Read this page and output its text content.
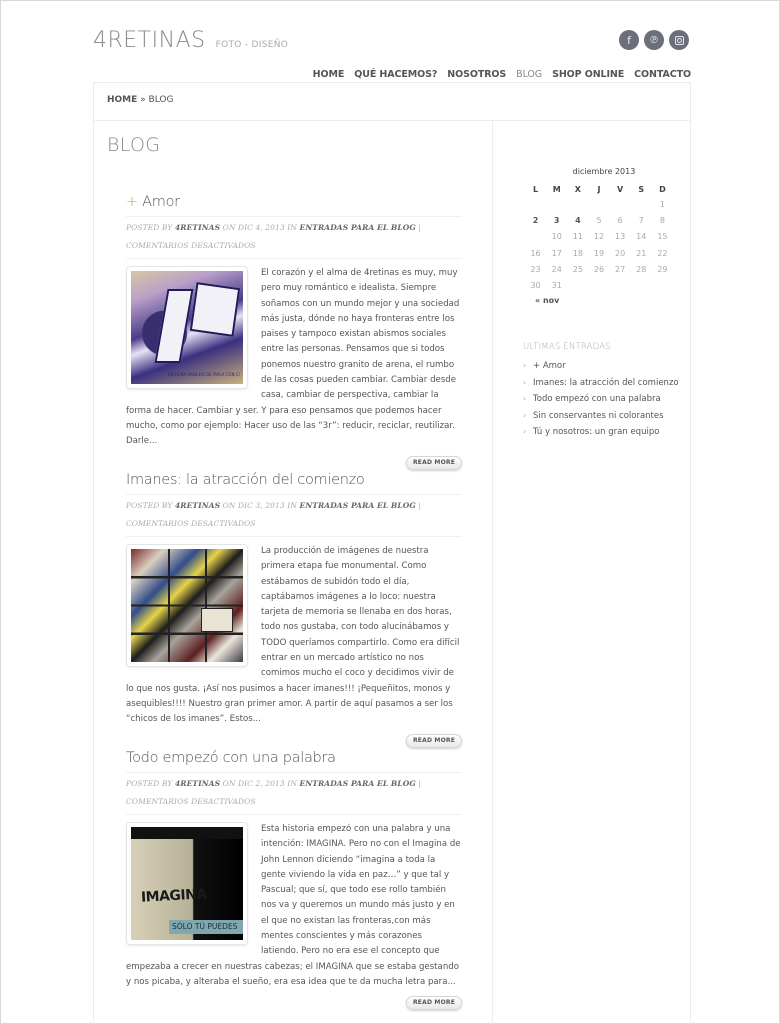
4RETINAS FOTO - DISEÑO	f ℗
HOME QUÉ HACEMOS? NOSOTROS BLOG SHOP ONLINE CONTACTO
HOME » BLOG
BLOG
+ Amor
POSTED BY 4RETINAS ON DIC 4, 2013 IN ENTRADAS PARA EL BLOG | COMENTARIOS DESACTIVADOS
ESQUINA SANCHO DE ÁVILA CON C/

El corazón y el alma de 4retinas es muy, muy pero muy romántico e idealista. Siempre soñamos con un mundo mejor y una sociedad más justa, dónde no haya fronteras entre los paises y tampoco existan abismos sociales entre las personas. Pensamos que si todos ponemos nuestro granito de arena, el rumbo de las cosas pueden cambiar. Cambiar desde casa, cambiar de perspectiva, cambiar la forma de hacer. Cambiar y ser. Y para eso pensamos que podemos hacer mucho, como por ejemplo: Hacer uso de las “3r”: reducir, reciclar, reutilizar. Darle...

READ MORE
Imanes: la atracción del comienzo
POSTED BY 4RETINAS ON DIC 3, 2013 IN ENTRADAS PARA EL BLOG | COMENTARIOS DESACTIVADOS

La producción de imágenes de nuestra primera etapa fue monumental. Como estábamos de subidón todo el día, captábamos imágenes a lo loco: nuestra tarjeta de memoria se llenaba en dos horas, todo nos gustaba, con todo alucinábamos y TODO queríamos compartirlo. Como era difícil entrar en un mercado artístico no nos comimos mucho el coco y decidimos vivir de lo que nos gusta. ¡Así nos pusimos a hacer imanes!!! ¡Pequeñitos, monos y asequibles!!!! Nuestro gran primer amor. A partir de aquí pasamos a ser los “chicos de los imanes”. Estos...

READ MORE
Todo empezó con una palabra
POSTED BY 4RETINAS ON DIC 2, 2013 IN ENTRADAS PARA EL BLOG | COMENTARIOS DESACTIVADOS
IMAGINA
SÓLO TÚ PUEDES

Esta historia empezó con una palabra y una intención: IMAGINA. Pero no con el Imagina de John Lennon diciendo “imagina a toda la gente viviendo la vida en paz…” y que tal y Pascual; que sí, que todo ese rollo también nos va y queremos un mundo más justo y en el que no existan las fronteras,con más mentes conscientes y más corazones latiendo. Pero no era ese el concepto que empezaba a crecer en nuestras cabezas; el IMAGINA que se estaba gestando y nos picaba, y alteraba el sueño, era esa idea que te da mucha letra para...

READ MORE
diciembre 2013
L	M	X	J	V	S	D
						1
2	3	4	5	6	7	8
	10	11	12	13	14	15
16	17	18	19	20	21	22
23	24	25	26	27	28	29
30	31					
« nov
ULTIMAS ENTRADAS
› + Amor
› Imanes: la atracción del comienzo
› Todo empezó con una palabra
› Sin conservantes ni colorantes
› Tú y nosotros: un gran equipo
